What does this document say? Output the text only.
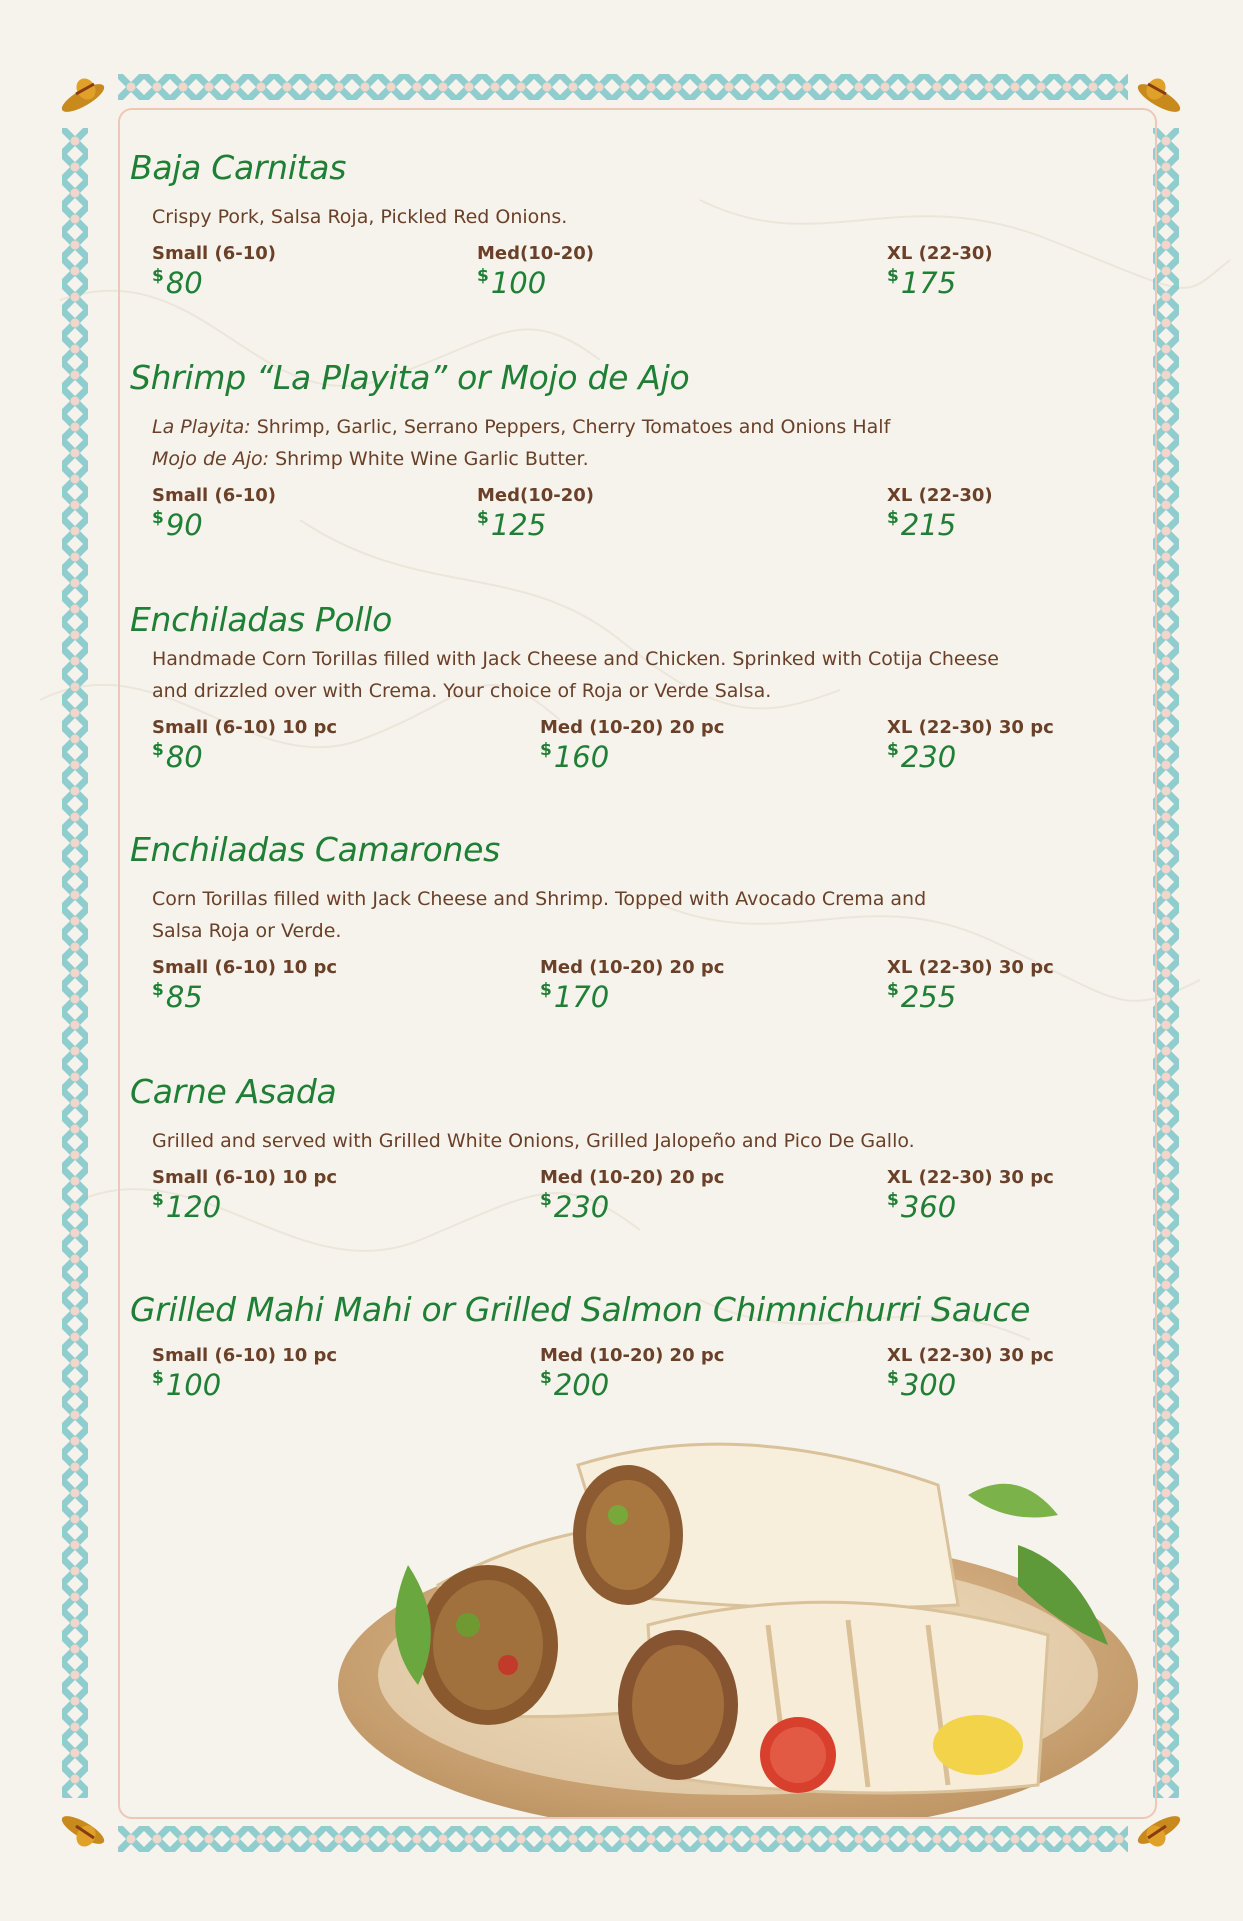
Baja Carnitas
Crispy Pork, Salsa Roja, Pickled Red Onions.
Small (6-10)
$80
Med(10-20)
$100
XL (22-30)
$175
Shrimp “La Playita” or Mojo de Ajo
La Playita: Shrimp, Garlic, Serrano Peppers, Cherry Tomatoes and Onions Half
Mojo de Ajo: Shrimp White Wine Garlic Butter.
Small (6-10)
$90
Med(10-20)
$125
XL (22-30)
$215
Enchiladas Pollo
Handmade Corn Torillas filled with Jack Cheese and Chicken. Sprinked with Cotija Cheese
and drizzled over with Crema. Your choice of Roja or Verde Salsa.
Small (6-10) 10 pc
$80
Med (10-20) 20 pc
$160
XL (22-30) 30 pc
$230
Enchiladas Camarones
Corn Torillas filled with Jack Cheese and Shrimp. Topped with Avocado Crema and
Salsa Roja or Verde.
Small (6-10) 10 pc
$85
Med (10-20) 20 pc
$170
XL (22-30) 30 pc
$255
Carne Asada
Grilled and served with Grilled White Onions, Grilled Jalopeño and Pico De Gallo.
Small (6-10) 10 pc
$120
Med (10-20) 20 pc
$230
XL (22-30) 30 pc
$360
Grilled Mahi Mahi or Grilled Salmon Chimnichurri Sauce
Small (6-10) 10 pc
$100
Med (10-20) 20 pc
$200
XL (22-30) 30 pc
$300
